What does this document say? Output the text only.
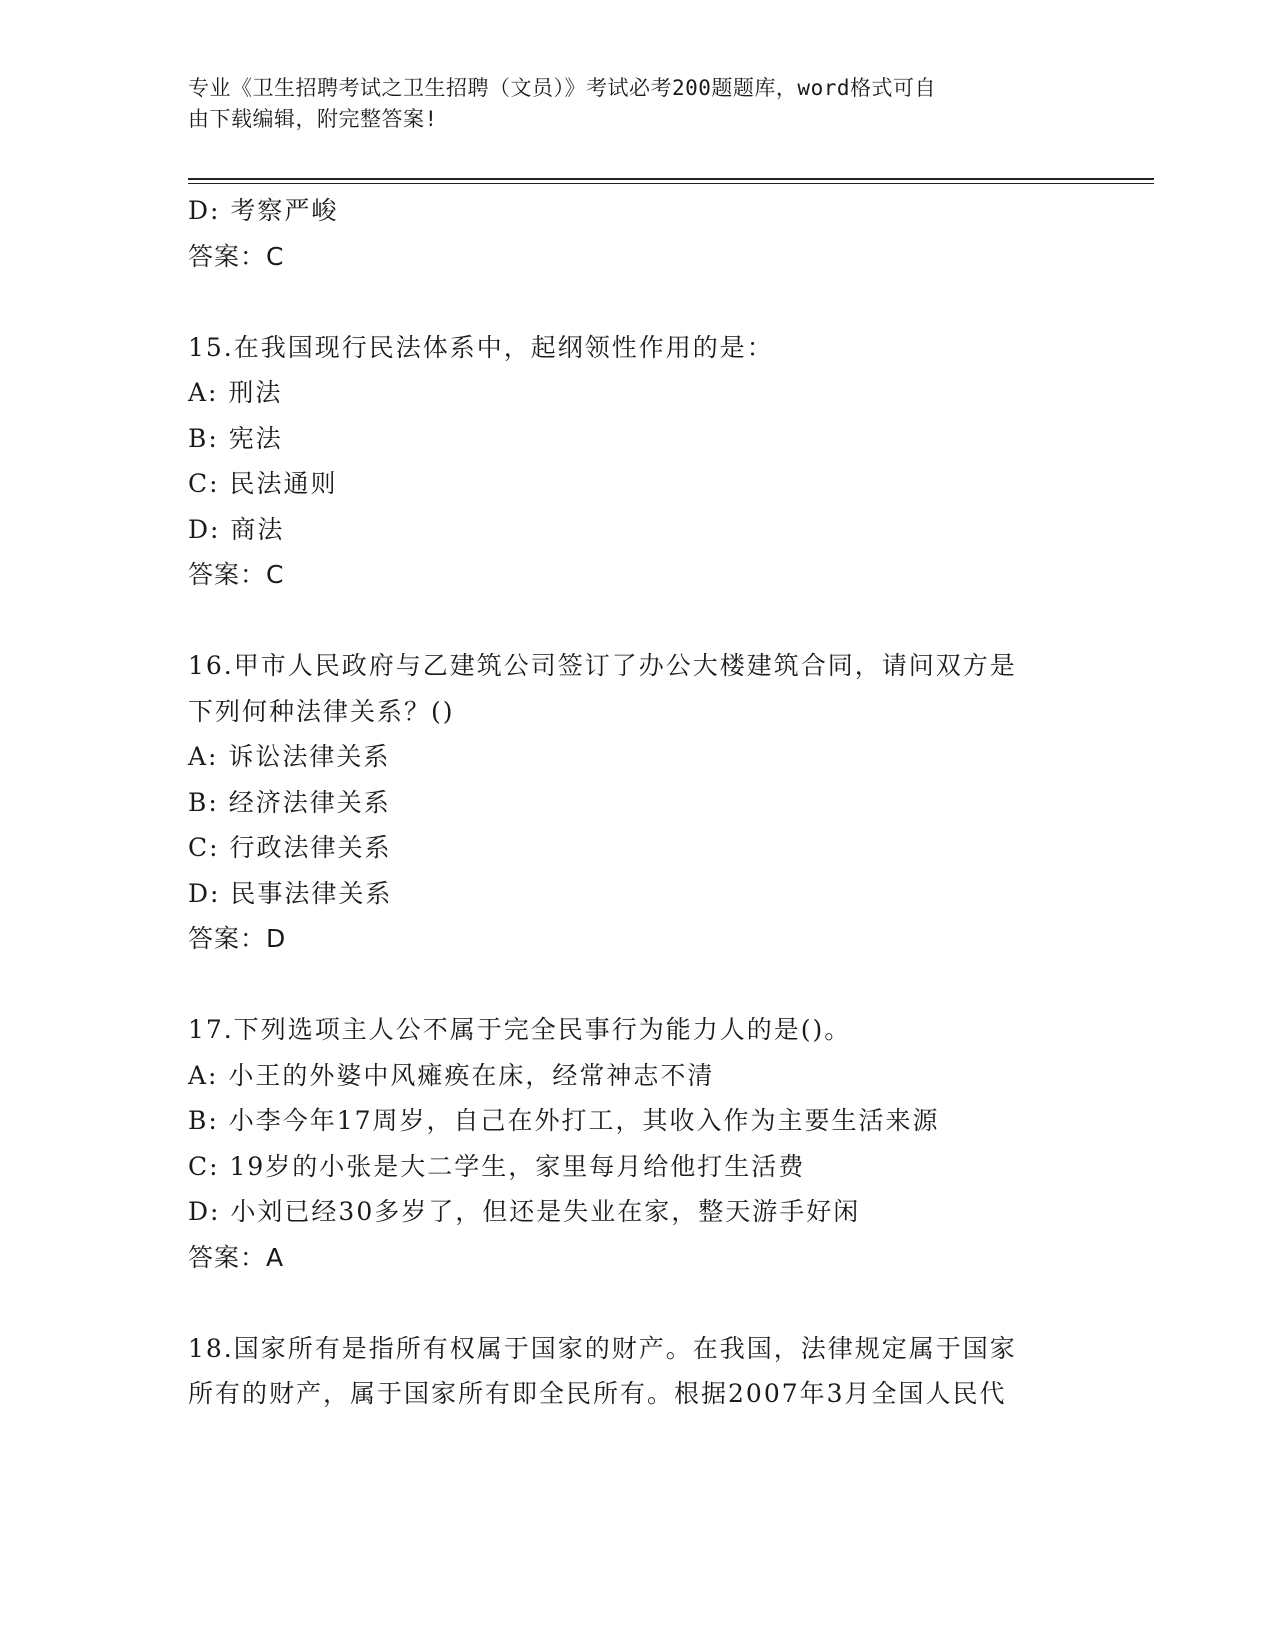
专业《卫生招聘考试之卫生招聘（文员）》考试必考200题题库，word格式可自
由下载编辑，附完整答案!
D: 考察严峻
答案：C
15.在我国现行民法体系中，起纲领性作用的是：
A: 刑法
B: 宪法
C: 民法通则
D: 商法
答案：C
16.甲市人民政府与乙建筑公司签订了办公大楼建筑合同，请问双方是
下列何种法律关系？()
A: 诉讼法律关系
B: 经济法律关系
C: 行政法律关系
D: 民事法律关系
答案：D
17.下列选项主人公不属于完全民事行为能力人的是()。
A: 小王的外婆中风瘫痪在床，经常神志不清
B: 小李今年17周岁，自己在外打工，其收入作为主要生活来源
C: 19岁的小张是大二学生，家里每月给他打生活费
D: 小刘已经30多岁了，但还是失业在家，整天游手好闲
答案：A
18.国家所有是指所有权属于国家的财产。在我国，法律规定属于国家
所有的财产，属于国家所有即全民所有。根据2007年3月全国人民代
